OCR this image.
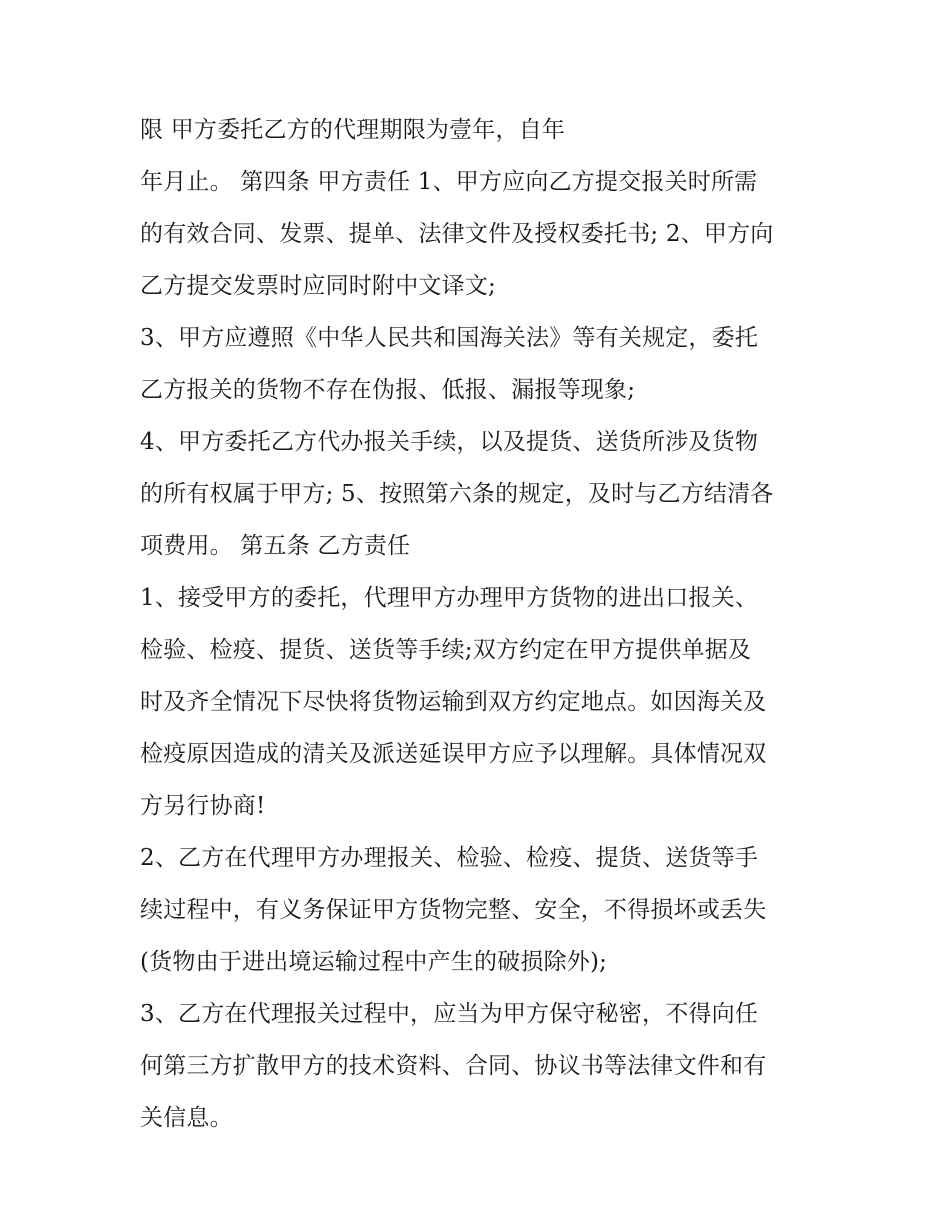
限 甲方委托乙方的代理期限为壹年，自年
年月止。 第四条 甲方责任 1、甲方应向乙方提交报关时所需
的有效合同、发票、提单、法律文件及授权委托书; 2、甲方向
乙方提交发票时应同时附中文译文;
3、甲方应遵照《中华人民共和国海关法》等有关规定，委托
乙方报关的货物不存在伪报、低报、漏报等现象;
4、甲方委托乙方代办报关手续，以及提货、送货所涉及货物
的所有权属于甲方; 5、按照第六条的规定，及时与乙方结清各
项费用。 第五条 乙方责任
1、接受甲方的委托，代理甲方办理甲方货物的进出口报关、
检验、检疫、提货、送货等手续;双方约定在甲方提供单据及
时及齐全情况下尽快将货物运输到双方约定地点。如因海关及
检疫原因造成的清关及派送延误甲方应予以理解。具体情况双
方另行协商!
2、乙方在代理甲方办理报关、检验、检疫、提货、送货等手
续过程中，有义务保证甲方货物完整、安全，不得损坏或丢失
(货物由于进出境运输过程中产生的破损除外);
3、乙方在代理报关过程中，应当为甲方保守秘密，不得向任
何第三方扩散甲方的技术资料、合同、协议书等法律文件和有
关信息。
